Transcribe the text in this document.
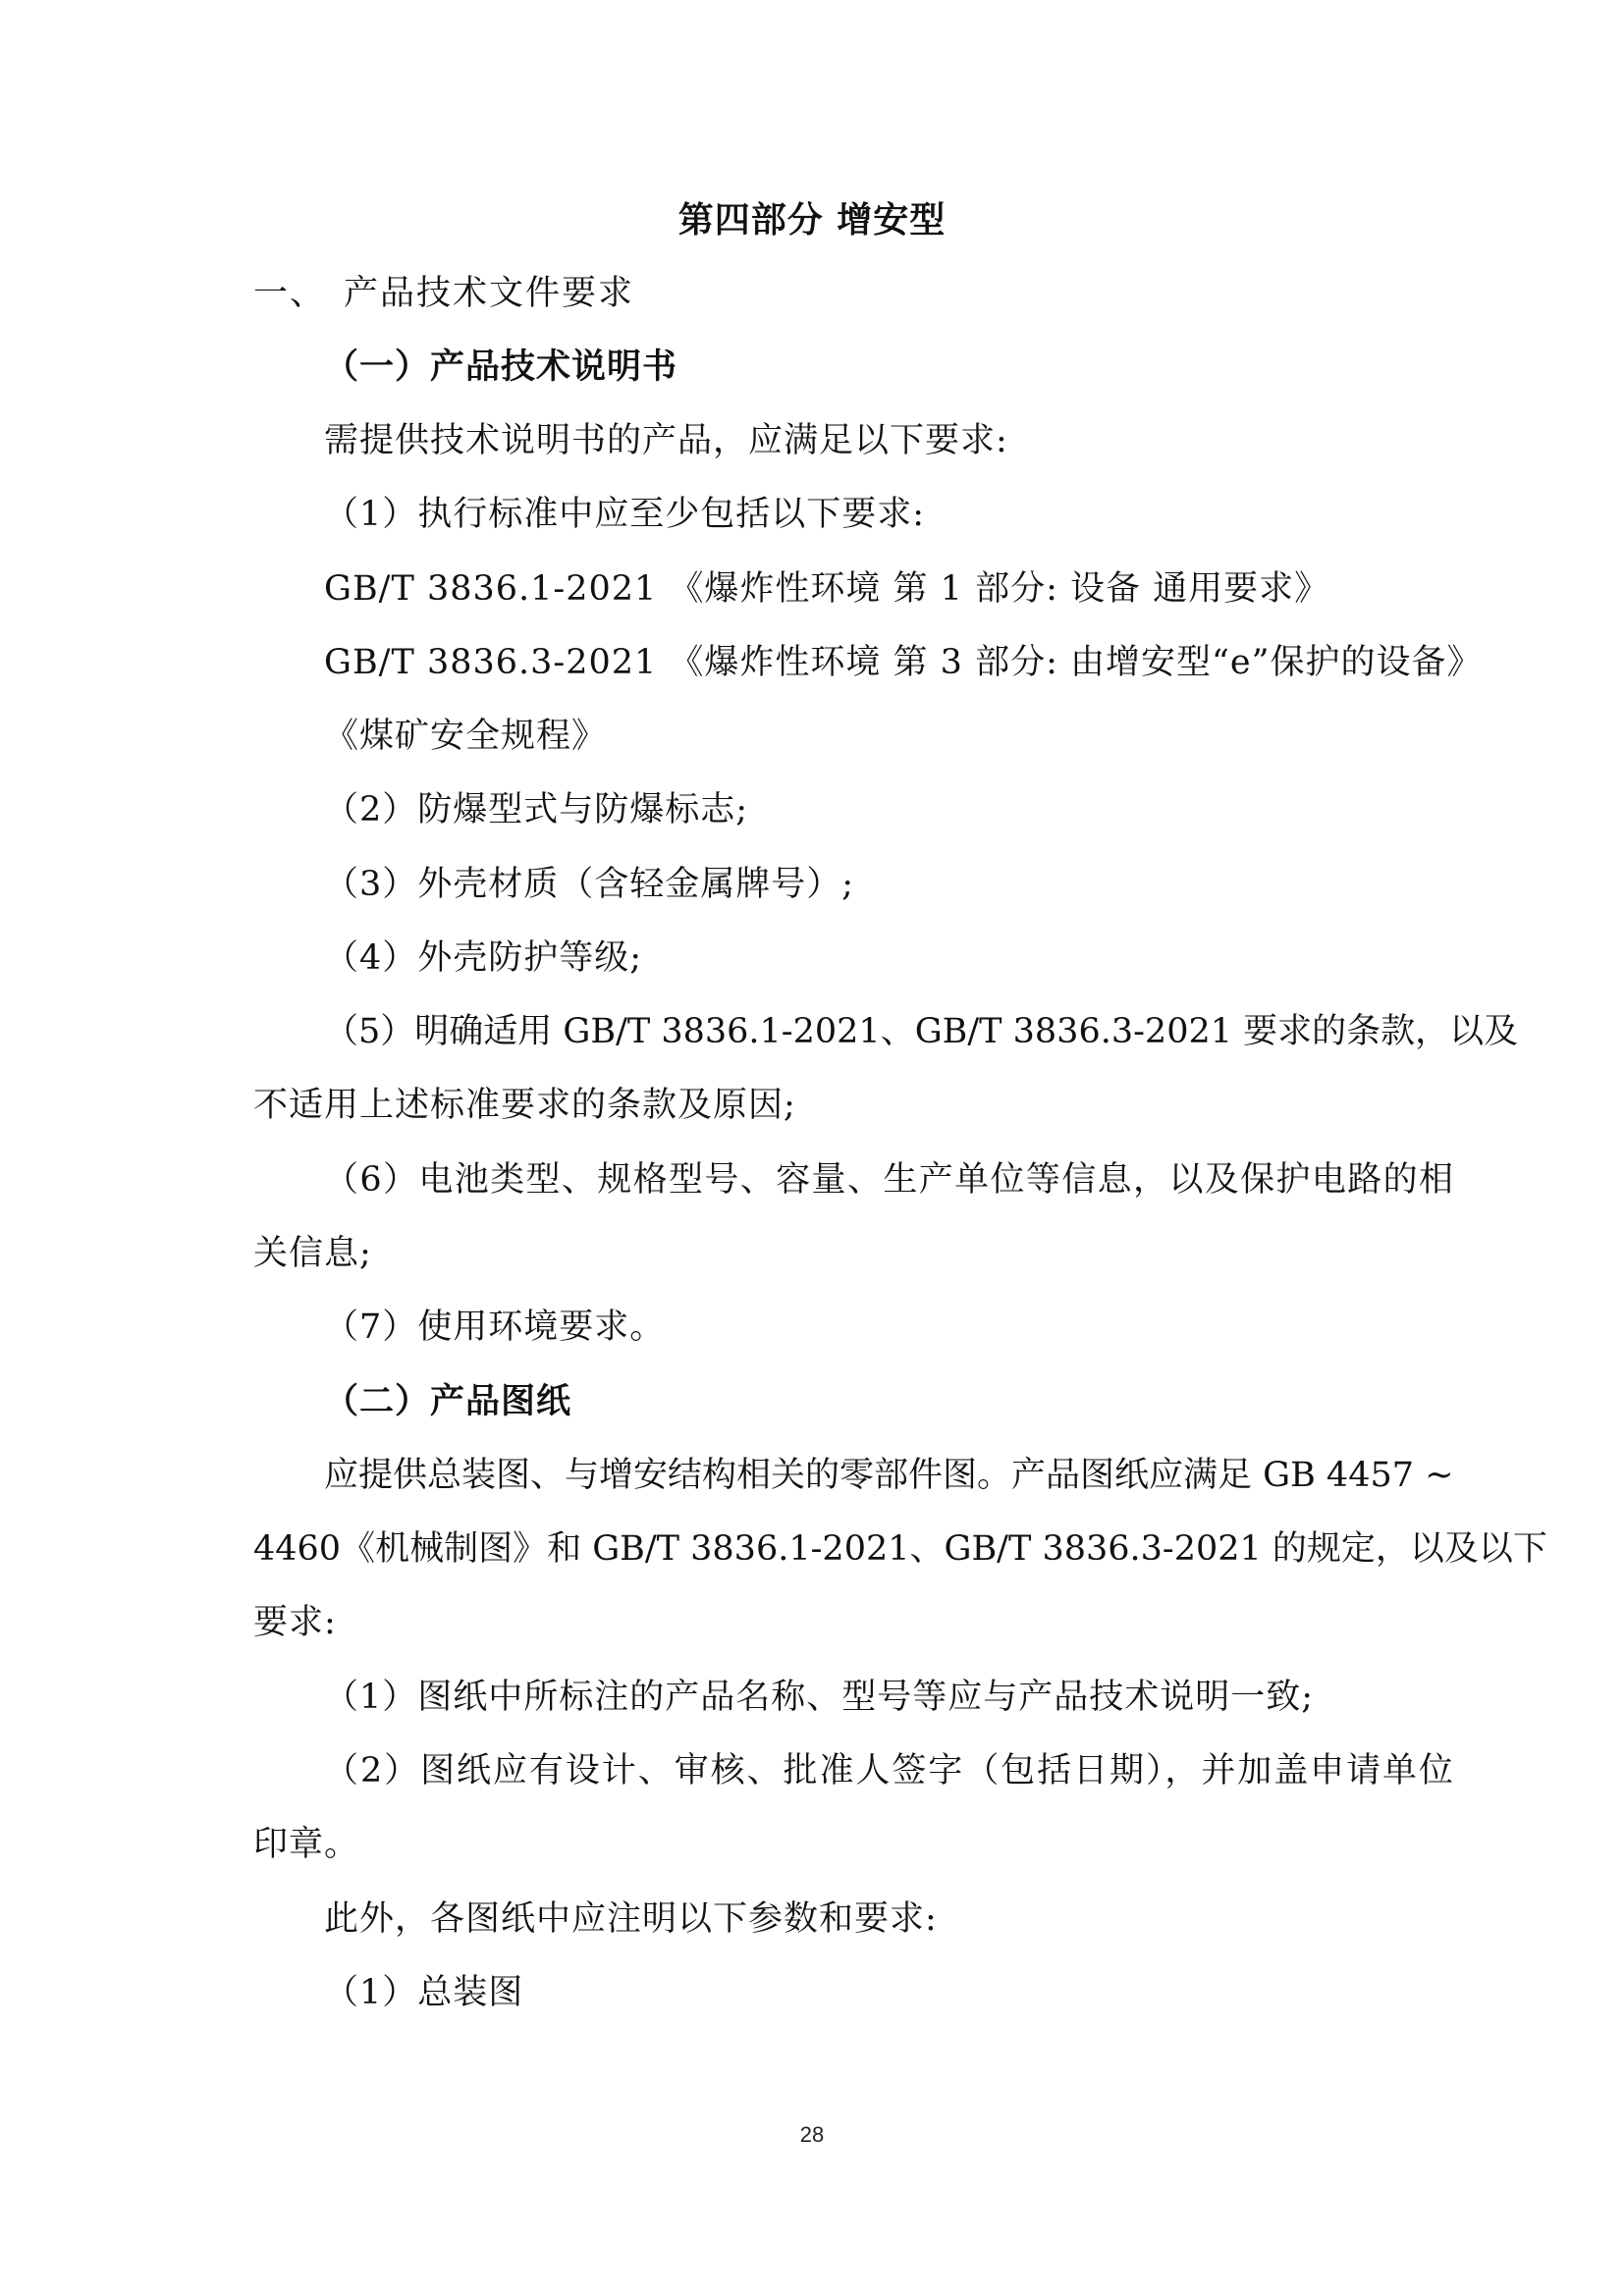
第四部分 增安型

一、 产品技术文件要求

（一）产品技术说明书

需提供技术说明书的产品，应满足以下要求:

（1）执行标准中应至少包括以下要求:

GB/T 3836.1-2021 《爆炸性环境 第 1 部分: 设备 通用要求》

GB/T 3836.3-2021 《爆炸性环境 第 3 部分: 由增安型“e”保护的设备》

《煤矿安全规程》

（2）防爆型式与防爆标志;

（3）外壳材质（含轻金属牌号）;

（4）外壳防护等级;

（5）明确适用 GB/T 3836.1-2021、GB/T 3836.3-2021 要求的条款，以及

不适用上述标准要求的条款及原因;

（6）电池类型、规格型号、容量、生产单位等信息，以及保护电路的相

关信息;

（7）使用环境要求。

（二）产品图纸

应提供总装图、与增安结构相关的零部件图。产品图纸应满足 GB 4457 ~

4460《机械制图》和 GB/T 3836.1-2021、GB/T 3836.3-2021 的规定，以及以下

要求:

（1）图纸中所标注的产品名称、型号等应与产品技术说明一致;

（2）图纸应有设计、审核、批准人签字（包括日期），并加盖申请单位

印章。

此外，各图纸中应注明以下参数和要求:

（1）总装图

28
